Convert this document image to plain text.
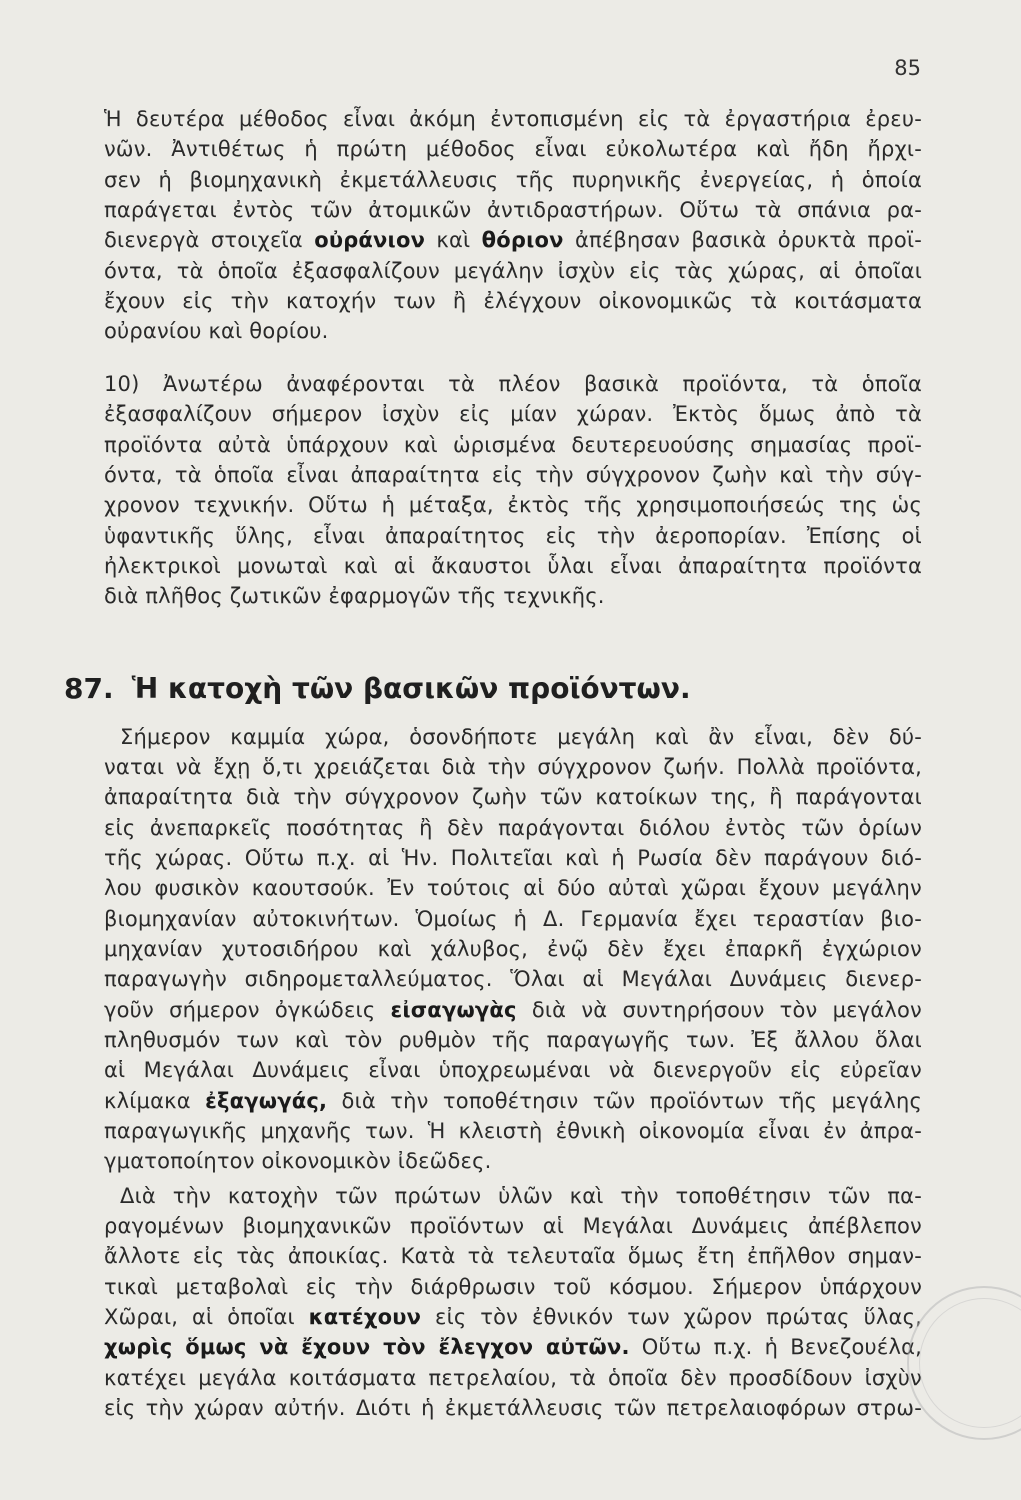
85
Ἡ δευτέρα μέθοδος εἶναι ἀκόμη ἐντοπισμένη εἰς τὰ ἐργαστήρια ἐρευ-
νῶν. Ἀντιθέτως ἡ πρώτη μέθοδος εἶναι εὐκολωτέρα καὶ ἤδη ἤρχι-
σεν ἡ βιομηχανικὴ ἐκμετάλλευσις τῆς πυρηνικῆς ἐνεργείας, ἡ ὁποία
παράγεται ἐντὸς τῶν ἀτομικῶν ἀντιδραστήρων. Οὕτω τὰ σπάνια ρα-
διενεργὰ στοιχεῖα οὐράνιον καὶ θόριον ἀπέβησαν βασικὰ ὀρυκτὰ προϊ-
όντα, τὰ ὁποῖα ἐξασφαλίζουν μεγάλην ἰσχὺν εἰς τὰς χώρας, αἱ ὁποῖαι
ἔχουν εἰς τὴν κατοχήν των ἢ ἐλέγχουν οἰκονομικῶς τὰ κοιτάσματα
οὐρανίου καὶ θορίου.
10) Ἀνωτέρω ἀναφέρονται τὰ πλέον βασικὰ προϊόντα, τὰ ὁποῖα
ἐξασφαλίζουν σήμερον ἰσχὺν εἰς μίαν χώραν. Ἐκτὸς ὅμως ἀπὸ τὰ
προϊόντα αὐτὰ ὑπάρχουν καὶ ὡρισμένα δευτερευούσης σημασίας προϊ-
όντα, τὰ ὁποῖα εἶναι ἀπαραίτητα εἰς τὴν σύγχρονον ζωὴν καὶ τὴν σύγ-
χρονον τεχνικήν. Οὕτω ἡ μέταξα, ἐκτὸς τῆς χρησιμοποιήσεώς της ὡς
ὑφαντικῆς ὕλης, εἶναι ἀπαραίτητος εἰς τὴν ἀεροπορίαν. Ἐπίσης οἱ
ἠλεκτρικοὶ μονωταὶ καὶ αἱ ἄκαυστοι ὗλαι εἶναι ἀπαραίτητα προϊόντα
διὰ πλῆθος ζωτικῶν ἐφαρμογῶν τῆς τεχνικῆς.
87. Ἡ κατοχὴ τῶν βασικῶν προϊόντων.
Σήμερον καμμία χώρα, ὁσονδήποτε μεγάλη καὶ ἂν εἶναι, δὲν δύ-
ναται νὰ ἔχῃ ὅ,τι χρειάζεται διὰ τὴν σύγχρονον ζωήν. Πολλὰ προϊόντα,
ἀπαραίτητα διὰ τὴν σύγχρονον ζωὴν τῶν κατοίκων της, ἢ παράγονται
εἰς ἀνεπαρκεῖς ποσότητας ἢ δὲν παράγονται διόλου ἐντὸς τῶν ὁρίων
τῆς χώρας. Οὕτω π.χ. αἱ Ἡν. Πολιτεῖαι καὶ ἡ Ρωσία δὲν παράγουν διό-
λου φυσικὸν καουτσούκ. Ἐν τούτοις αἱ δύο αὐταὶ χῶραι ἔχουν μεγάλην
βιομηχανίαν αὐτοκινήτων. Ὁμοίως ἡ Δ. Γερμανία ἔχει τεραστίαν βιο-
μηχανίαν χυτοσιδήρου καὶ χάλυβος, ἐνῷ δὲν ἔχει ἐπαρκῆ ἐγχώριον
παραγωγὴν σιδηρομεταλλεύματος. Ὅλαι αἱ Μεγάλαι Δυνάμεις διενερ-
γοῦν σήμερον ὀγκώδεις εἰσαγωγὰς διὰ νὰ συντηρήσουν τὸν μεγάλον
πληθυσμόν των καὶ τὸν ρυθμὸν τῆς παραγωγῆς των. Ἐξ ἄλλου ὅλαι
αἱ Μεγάλαι Δυνάμεις εἶναι ὑποχρεωμέναι νὰ διενεργοῦν εἰς εὐρεῖαν
κλίμακα ἐξαγωγάς, διὰ τὴν τοποθέτησιν τῶν προϊόντων τῆς μεγάλης
παραγωγικῆς μηχανῆς των. Ἡ κλειστὴ ἐθνικὴ οἰκονομία εἶναι ἐν ἀπρα-
γματοποίητον οἰκονομικὸν ἰδεῶδες.
Διὰ τὴν κατοχὴν τῶν πρώτων ὑλῶν καὶ τὴν τοποθέτησιν τῶν πα-
ραγομένων βιομηχανικῶν προϊόντων αἱ Μεγάλαι Δυνάμεις ἀπέβλεπον
ἄλλοτε εἰς τὰς ἀποικίας. Κατὰ τὰ τελευταῖα ὅμως ἔτη ἐπῆλθον σημαν-
τικαὶ μεταβολαὶ εἰς τὴν διάρθρωσιν τοῦ κόσμου. Σήμερον ὑπάρχουν
Χῶραι, αἱ ὁποῖαι κατέχουν εἰς τὸν ἐθνικόν των χῶρον πρώτας ὕλας,
χωρὶς ὅμως νὰ ἔχουν τὸν ἔλεγχον αὐτῶν. Οὕτω π.χ. ἡ Βενεζουέλα,
κατέχει μεγάλα κοιτάσματα πετρελαίου, τὰ ὁποῖα δὲν προσδίδουν ἰσχὺν
εἰς τὴν χώραν αὐτήν. Διότι ἡ ἐκμετάλλευσις τῶν πετρελαιοφόρων στρω-
